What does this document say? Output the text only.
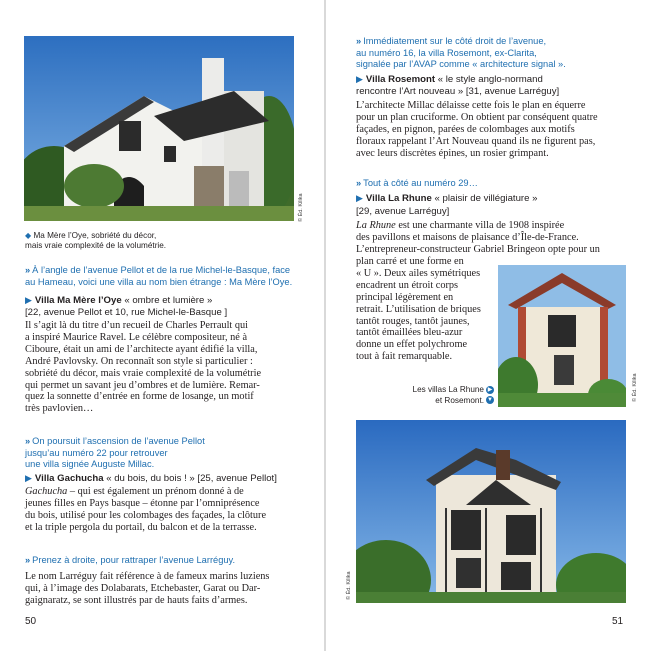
© Éd. Kilika
◆ Ma Mère l’Oye, sobriété du décor,
mais vraie complexité de la volumétrie.
» À l’angle de l’avenue Pellot et de la rue Michel-le-Basque, face
au Hameau, voici une villa au nom bien étrange : Ma Mère l’Oye.
▶ Villa Ma Mère l’Oye « ombre et lumière »
[22, avenue Pellot et 10, rue Michel-le-Basque ]
Il s’agit là du titre d’un recueil de Charles Perrault qui
a inspiré Maurice Ravel. Le célèbre compositeur, né à
Ciboure, était un ami de l’architecte ayant édifié la villa,
André Pavlovsky. On reconnaît son style si particulier :
sobriété du décor, mais vraie complexité de la volumétrie
qui permet un savant jeu d’ombres et de lumière. Remar-
quez la sonnette d’entrée en forme de losange, un motif
très pavlovien…
» On poursuit l’ascension de l’avenue Pellot
jusqu’au numéro 22 pour retrouver
une villa signée Auguste Millac.
▶ Villa Gachucha « du bois, du bois ! » [25, avenue Pellot]
Gachucha – qui est également un prénom donné à de
jeunes filles en Pays basque – étonne par l’omniprésence
du bois, utilisé pour les colombages des façades, la clôture
et la triple pergola du portail, du balcon et de la terrasse.
» Prenez à droite, pour rattraper l’avenue Larréguy.
Le nom Larréguy fait référence à de fameux marins luziens
qui, à l’image des Dolabarats, Etchebaster, Garat ou Dar-
gaignaratz, se sont illustrés par de hauts faits d’armes.
50
» Immédiatement sur le côté droit de l’avenue,
au numéro 16, la villa Rosemont, ex-Clarita,
signalée par l’AVAP comme « architecture signal ».
▶ Villa Rosemont « le style anglo-normand
rencontre l’Art nouveau » [31, avenue Larréguy]
L’architecte Millac délaisse cette fois le plan en équerre
pour un plan cruciforme. On obtient par conséquent quatre
façades, en pignon, parées de colombages aux motifs
floraux rappelant l’Art Nouveau quand ils ne figurent pas,
avec leurs discrètes épines, un rosier grimpant.
» Tout à côté au numéro 29…
▶ Villa La Rhune « plaisir de villégiature »
[29, avenue Larréguy]
La Rhune est une charmante villa de 1908 inspirée
des pavillons et maisons de plaisance d’Île-de-France.
L’entrepreneur-constructeur Gabriel Bringeon opte pour un
plan carré et une forme en
« U ». Deux ailes symétriques
encadrent un étroit corps
principal légèrement en
retrait. L’utilisation de briques
tantôt rouges, tantôt jaunes,
tantôt émaillées bleu-azur
donne un effet polychrome
tout à fait remarquable.
© Éd. Kilika
Les villas La Rhune ▶
et Rosemont. ▼
© Éd. Kilika
51
